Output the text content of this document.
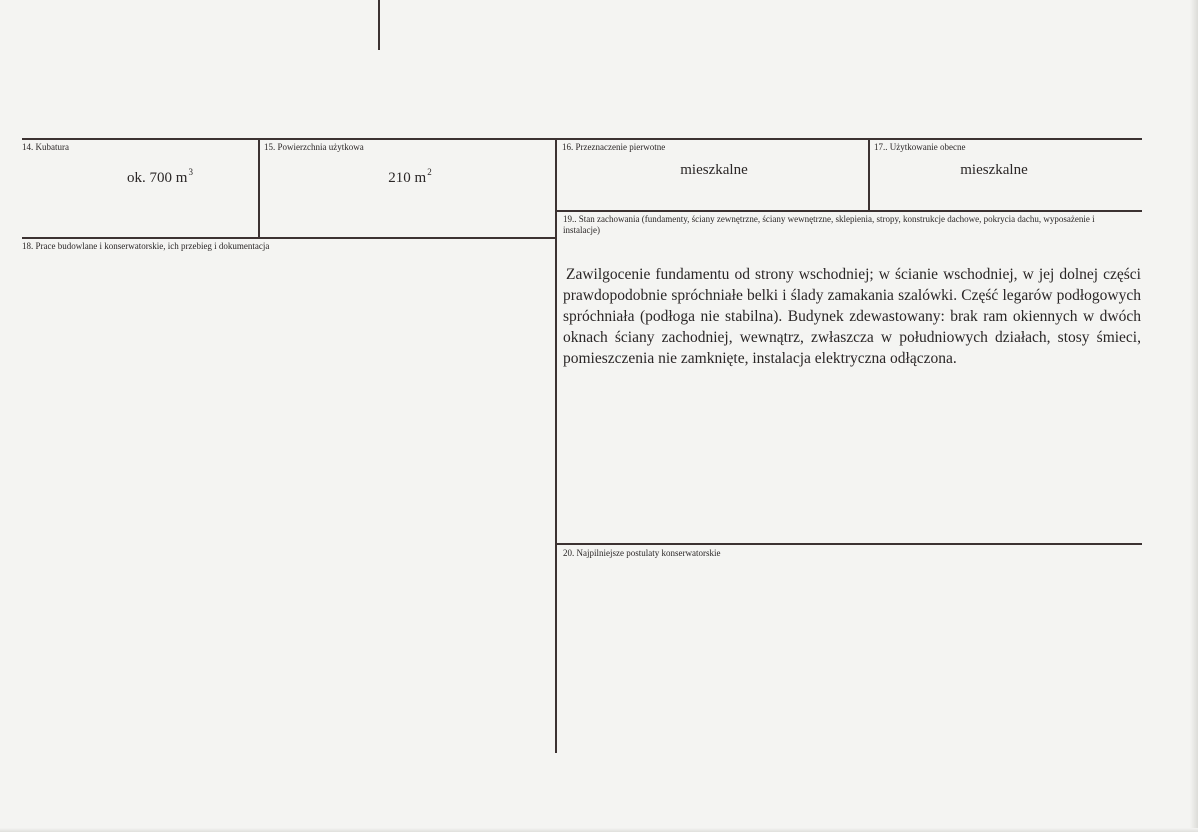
14. Kubatura
ok. 700 $m^3$
15. Powierzchnia użytkowa
210 $m^2$
16. Przeznaczenie pierwotne
mieszkalne
17.. Użytkowanie obecne
mieszkalne
18. Prace budowlane i konserwatorskie, ich przebieg i dokumentacja
19.. Stan zachowania (fundamenty, ściany zewnętrzne, ściany wewnętrzne, sklepienia, stropy, konstrukcje dachowe, pokrycia dachu, wyposażenie i instalacje)
Zawilgocenie fundamentu od strony wschodniej; w ścianie wschodniej, w jej dolnej części prawdopodobnie spróchniałe belki i ślady zamakania szalówki. Część legarów podłogowych spróchniała (podłoga nie stabilna). Budynek zdewastowany: brak ram okiennych w dwóch oknach ściany zachodniej, wewnątrz, zwłaszcza w południowych działach, stosy śmieci, pomieszczenia nie zamknięte, instalacja elektryczna odłączona.
20. Najpilniejsze postulaty konserwatorskie
